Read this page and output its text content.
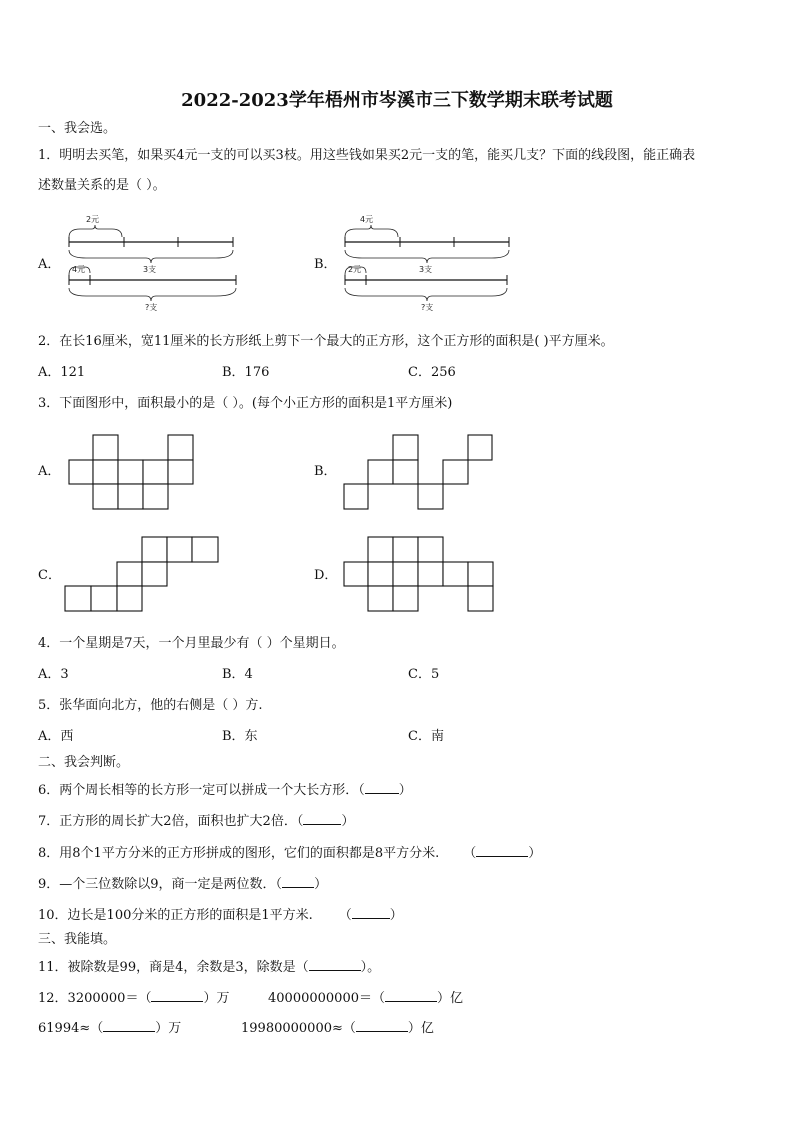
2022-2023学年梧州市岑溪市三下数学期末联考试题
一、我会选。
1．明明去买笔，如果买4元一支的可以买3枝。用这些钱如果买2元一支的笔，能买几支？下面的线段图，能正确表
述数量关系的是（ ）。
A．	B．
2元
3支
4元
?支
4元
3支
2元
?支
2．在长16厘米，宽11厘米的长方形纸上剪下一个最大的正方形，这个正方形的面积是( )平方厘米。
A．121	B．176	C．256
3．下面图形中，面积最小的是（ ）。(每个小正方形的面积是1平方厘米)
A．	B．
C．	D．
4．一个星期是7天，一个月里最少有（ ）个星期日。
A．3	B．4	C．5
5．张华面向北方，他的右侧是（ ）方.
A．西	B．东	C．南
二、我会判断。
6．两个周长相等的长方形一定可以拼成一个大长方形．（	）
7．正方形的周长扩大2倍，面积也扩大2倍．（	）
8．用8个1平方分米的正方形拼成的图形，它们的面积都是8平方分米. （	）
9．—个三位数除以9，商一定是两位数．（ ）
10．边长是100分米的正方形的面积是1平方米. （	）
三、我能填。
11．被除数是99，商是4，余数是3，除数是（	）。
12．3200000＝（	）万	40000000000＝（	）亿
61994≈（	）万	19980000000≈（	）亿
